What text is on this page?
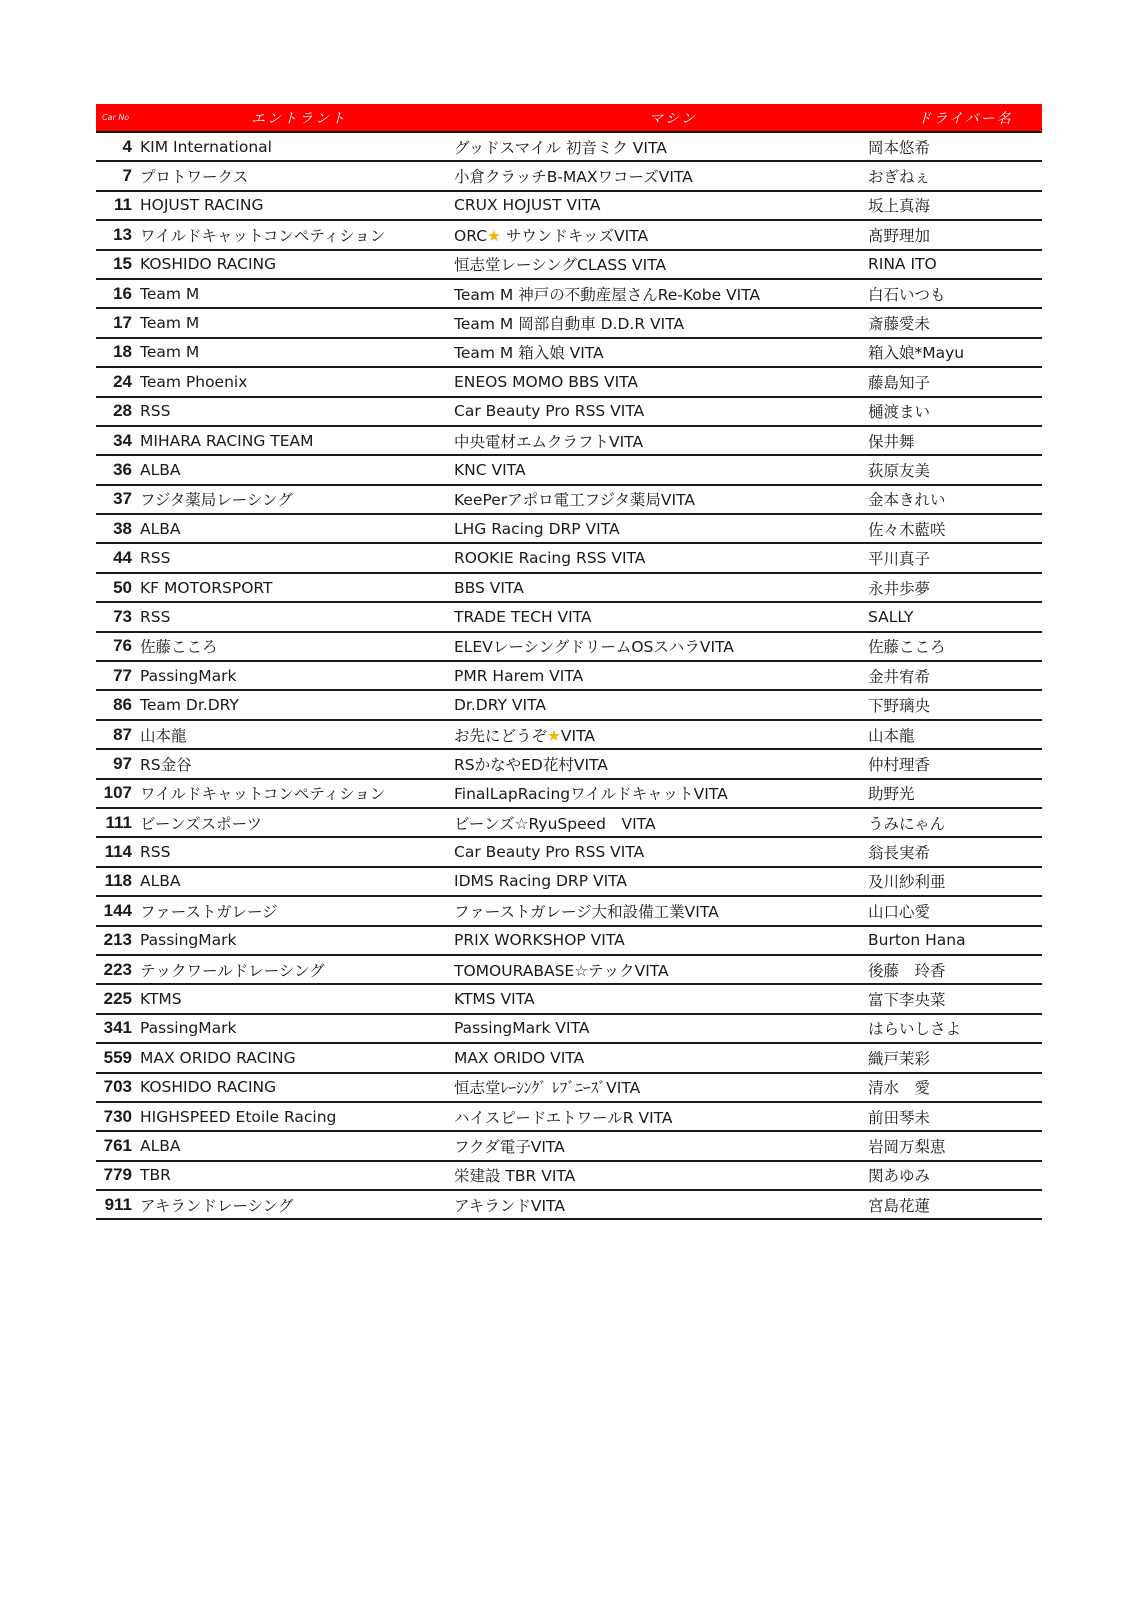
Car No	エントラント	マシン	ドライバー名
4 KIM International	グッドスマイル 初音ミク VITA	岡本悠希
7 プロトワークス	小倉クラッチB-MAXワコーズVITA	おぎねぇ
11 HOJUST RACING	CRUX HOJUST VITA	坂上真海
13 ワイルドキャットコンペティション	ORC★ サウンドキッズVITA	髙野理加
15 KOSHIDO RACING	恒志堂レーシングCLASS VITA	RINA ITO
16 Team M	Team M 神戸の不動産屋さんRe-Kobe VITA	白石いつも
17 Team M	Team M 岡部自動車 D.D.R VITA	斎藤愛未
18 Team M	Team M 箱入娘 VITA	箱入娘*Mayu
24 Team Phoenix	ENEOS MOMO BBS VITA	藤島知子
28 RSS	Car Beauty Pro RSS VITA	樋渡まい
34 MIHARA RACING TEAM	中央電材エムクラフトVITA	保井舞
36 ALBA	KNC VITA	荻原友美
37 フジタ薬局レーシング	KeePerアポロ電工フジタ薬局VITA	金本きれい
38 ALBA	LHG Racing DRP VITA	佐々木藍咲
44 RSS	ROOKIE Racing RSS VITA	平川真子
50 KF MOTORSPORT	BBS VITA	永井歩夢
73 RSS	TRADE TECH VITA	SALLY
76 佐藤こころ	ELEVレーシングドリームOSスハラVITA	佐藤こころ
77 PassingMark	PMR Harem VITA	金井宥希
86 Team Dr.DRY	Dr.DRY VITA	下野璃央
87 山本龍	お先にどうぞ★VITA	山本龍
97 RS金谷	RSかなやED花村VITA	仲村理香
107 ワイルドキャットコンペティション	FinalLapRacingワイルドキャットVITA	助野光
111 ビーンズスポーツ	ビーンズ☆RyuSpeed　VITA	うみにゃん
114 RSS	Car Beauty Pro RSS VITA	翁長実希
118 ALBA	IDMS Racing DRP VITA	及川紗利亜
144 ファーストガレージ	ファーストガレージ大和設備工業VITA	山口心愛
213 PassingMark	PRIX WORKSHOP VITA	Burton Hana
223 テックワールドレーシング	TOMOURABASE☆テックVITA	後藤　玲香
225 KTMS	KTMS VITA	富下李央菜
341 PassingMark	PassingMark VITA	はらいしさよ
559 MAX ORIDO RACING	MAX ORIDO VITA	織戸茉彩
703 KOSHIDO RACING	恒志堂ﾚｰｼﾝｸﾞ ﾚﾌﾞﾆｰｽﾞVITA	清水　愛
730 HIGHSPEED Etoile Racing	ハイスピードエトワールR VITA	前田琴未
761 ALBA	フクダ電子VITA	岩岡万梨恵
779 TBR	栄建設 TBR VITA	関あゆみ
911 アキランドレーシング	アキランドVITA	宮島花蓮
